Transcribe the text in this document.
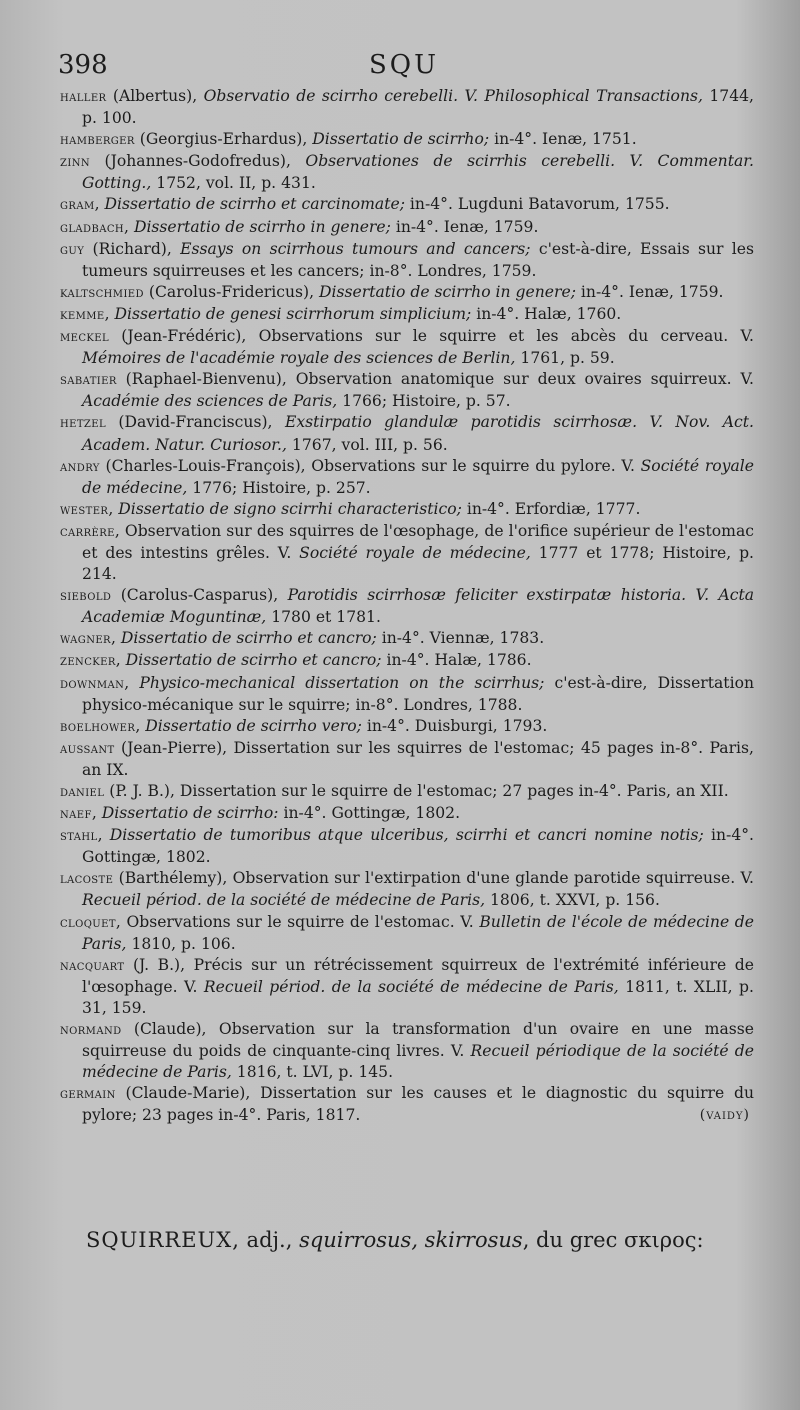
398	SQU
haller (Albertus), Observatio de scirrho cerebelli. V. Philosophical Transactions, 1744, p. 100.
hamberger (Georgius-Erhardus), Dissertatio de scirrho; in-4°. Ienæ, 1751.
zinn (Johannes-Godofredus), Observationes de scirrhis cerebelli. V. Commentar. Gotting., 1752, vol. II, p. 431.
gram, Dissertatio de scirrho et carcinomate; in-4°. Lugduni Batavorum, 1755.
gladbach, Dissertatio de scirrho in genere; in-4°. Ienæ, 1759.
guy (Richard), Essays on scirrhous tumours and cancers; c'est-à-dire, Essais sur les tumeurs squirreuses et les cancers; in-8°. Londres, 1759.
kaltschmied (Carolus-Fridericus), Dissertatio de scirrho in genere; in-4°. Ienæ, 1759.
kemme, Dissertatio de genesi scirrhorum simplicium; in-4°. Halæ, 1760.
meckel (Jean-Frédéric), Observations sur le squirre et les abcès du cerveau. V. Mémoires de l'académie royale des sciences de Berlin, 1761, p. 59.
sabatier (Raphael-Bienvenu), Observation anatomique sur deux ovaires squirreux. V. Académie des sciences de Paris, 1766; Histoire, p. 57.
hetzel (David-Franciscus), Exstirpatio glandulæ parotidis scirrhosæ. V. Nov. Act. Academ. Natur. Curiosor., 1767, vol. III, p. 56.
andry (Charles-Louis-François), Observations sur le squirre du pylore. V. Société royale de médecine, 1776; Histoire, p. 257.
wester, Dissertatio de signo scirrhi characteristico; in-4°. Erfordiæ, 1777.
carrère, Observation sur des squirres de l'œsophage, de l'orifice supérieur de l'estomac et des intestins grêles. V. Société royale de médecine, 1777 et 1778; Histoire, p. 214.
siebold (Carolus-Casparus), Parotidis scirrhosæ feliciter exstirpatæ historia. V. Acta Academiæ Moguntinæ, 1780 et 1781.
wagner, Dissertatio de scirrho et cancro; in-4°. Viennæ, 1783.
zencker, Dissertatio de scirrho et cancro; in-4°. Halæ, 1786.
downman, Physico-mechanical dissertation on the scirrhus; c'est-à-dire, Dissertation physico-mécanique sur le squirre; in-8°. Londres, 1788.
boelhower, Dissertatio de scirrho vero; in-4°. Duisburgi, 1793.
aussant (Jean-Pierre), Dissertation sur les squirres de l'estomac; 45 pages in-8°. Paris, an IX.
daniel (P. J. B.), Dissertation sur le squirre de l'estomac; 27 pages in-4°. Paris, an XII.
naef, Dissertatio de scirrho: in-4°. Gottingæ, 1802.
stahl, Dissertatio de tumoribus atque ulceribus, scirrhi et cancri nomine notis; in-4°. Gottingæ, 1802.
lacoste (Barthélemy), Observation sur l'extirpation d'une glande parotide squirreuse. V. Recueil périod. de la société de médecine de Paris, 1806, t. XXVI, p. 156.
cloquet, Observations sur le squirre de l'estomac. V. Bulletin de l'école de médecine de Paris, 1810, p. 106.
nacquart (J. B.), Précis sur un rétrécissement squirreux de l'extrémité inférieure de l'œsophage. V. Recueil périod. de la société de médecine de Paris, 1811, t. XLII, p. 31, 159.
normand (Claude), Observation sur la transformation d'un ovaire en une masse squirreuse du poids de cinquante-cinq livres. V. Recueil périodique de la société de médecine de Paris, 1816, t. LVI, p. 145.
germain (Claude-Marie), Dissertation sur les causes et le diagnostic du squirre du pylore; 23 pages in-4°. Paris, 1817.	(vaidy)
SQUIRREUX, adj., squirrosus, skirrosus, du grec σκιρος:
